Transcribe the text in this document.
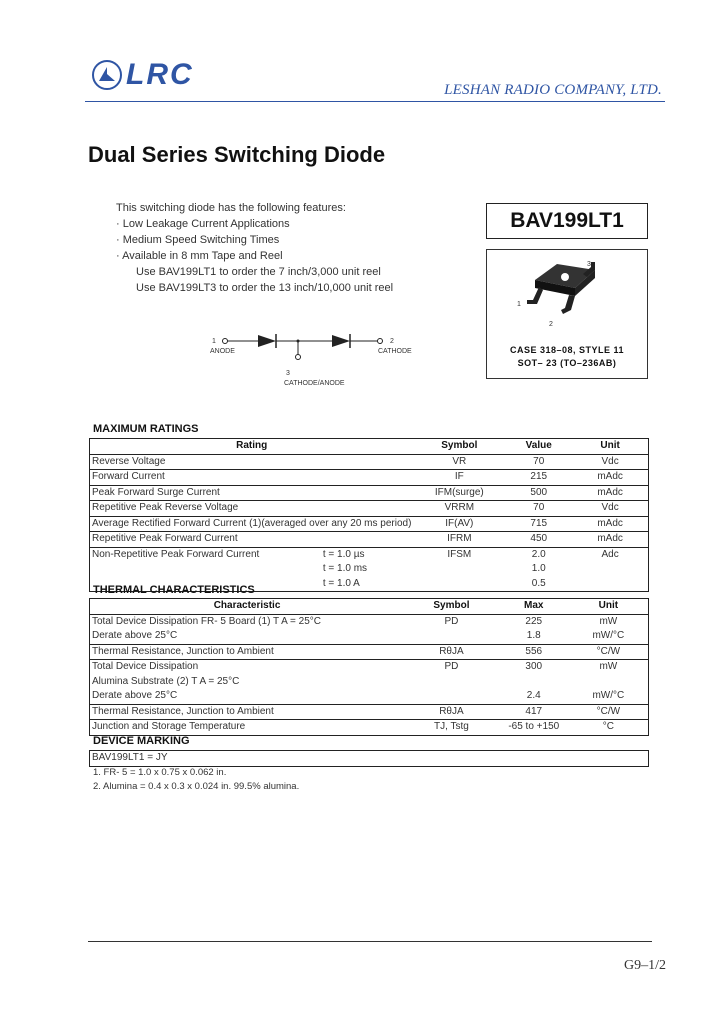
LRC	LESHAN RADIO COMPANY, LTD.
Dual Series Switching Diode
This switching diode has the following features:
· Low Leakage Current Applications
· Medium Speed Switching Times
· Available in 8 mm Tape and Reel
Use BAV199LT1 to order the 7 inch/3,000 unit reel
Use BAV199LT3 to order the 13 inch/10,000 unit reel
BAV199LT1
3
1
2
CASE 318–08, STYLE 11
SOT– 23 (TO–236AB)
1
ANODE
2
CATHODE
3
CATHODE/ANODE
MAXIMUM RATINGS
Rating		Symbol	Value	Unit
Reverse Voltage		VR	70	Vdc
Forward Current		IF	215	mAdc
Peak Forward Surge Current		IFM(surge)	500	mAdc
Repetitive Peak Reverse Voltage		VRRM	70	Vdc
Average Rectified Forward Current (1)(averaged over any 20 ms period)		IF(AV)	715	mAdc
Repetitive Peak Forward Current		IFRM	450	mAdc
Non-Repetitive Peak Forward Current	t = 1.0 µs	IFSM	2.0	Adc
	t = 1.0 ms		1.0	
	t = 1.0 A		0.5	
THERMAL CHARACTERISTICS
Characteristic	Symbol	Max	Unit
Total Device Dissipation FR- 5 Board (1) T A = 25°C	PD	225	mW
Derate above 25°C		1.8	mW/°C
Thermal Resistance, Junction to Ambient	RθJA	556	°C/W
Total Device Dissipation	PD	300	mW
Alumina Substrate (2) T A = 25°C			
Derate above 25°C		2.4	mW/°C
Thermal Resistance, Junction to Ambient	RθJA	417	°C/W
Junction and Storage Temperature	TJ, Tstg	-65 to +150	°C
DEVICE MARKING
BAV199LT1 = JY
1. FR- 5 = 1.0 x 0.75 x 0.062 in.
2. Alumina = 0.4 x 0.3 x 0.024 in. 99.5% alumina.
G9–1/2
